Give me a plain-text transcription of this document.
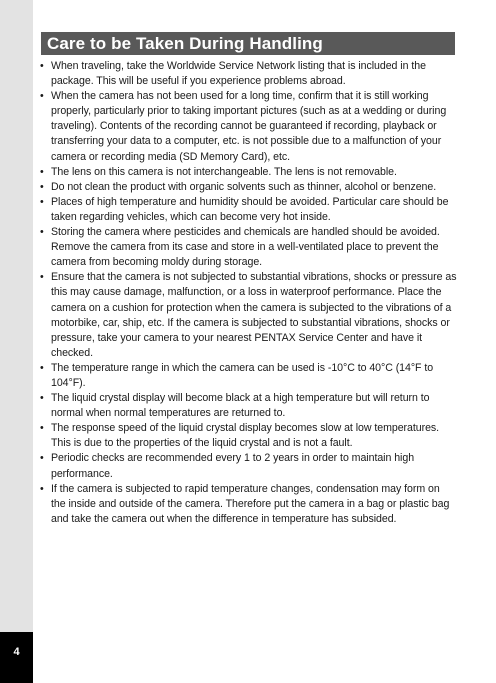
4
Care to be Taken During Handling
• When traveling, take the Worldwide Service Network listing that is included in the package. This will be useful if you experience problems abroad.
• When the camera has not been used for a long time, confirm that it is still working properly, particularly prior to taking important pictures (such as at a wedding or during traveling). Contents of the recording cannot be guaranteed if recording, playback or transferring your data to a computer, etc. is not possible due to a malfunction of your camera or recording media (SD Memory Card), etc.
• The lens on this camera is not interchangeable. The lens is not removable.
• Do not clean the product with organic solvents such as thinner, alcohol or benzene.
• Places of high temperature and humidity should be avoided. Particular care should be taken regarding vehicles, which can become very hot inside.
• Storing the camera where pesticides and chemicals are handled should be avoided. Remove the camera from its case and store in a well-ventilated place to prevent the camera from becoming moldy during storage.
• Ensure that the camera is not subjected to substantial vibrations, shocks or pressure as this may cause damage, malfunction, or a loss in waterproof performance. Place the camera on a cushion for protection when the camera is subjected to the vibrations of a motorbike, car, ship, etc. If the camera is subjected to substantial vibrations, shocks or pressure, take your camera to your nearest PENTAX Service Center and have it checked.
• The temperature range in which the camera can be used is -10°C to 40°C (14°F to 104°F).
• The liquid crystal display will become black at a high temperature but will return to normal when normal temperatures are returned to.
• The response speed of the liquid crystal display becomes slow at low temperatures. This is due to the properties of the liquid crystal and is not a fault.
• Periodic checks are recommended every 1 to 2 years in order to maintain high performance.
• If the camera is subjected to rapid temperature changes, condensation may form on the inside and outside of the camera. Therefore put the camera in a bag or plastic bag and take the camera out when the difference in temperature has subsided.
